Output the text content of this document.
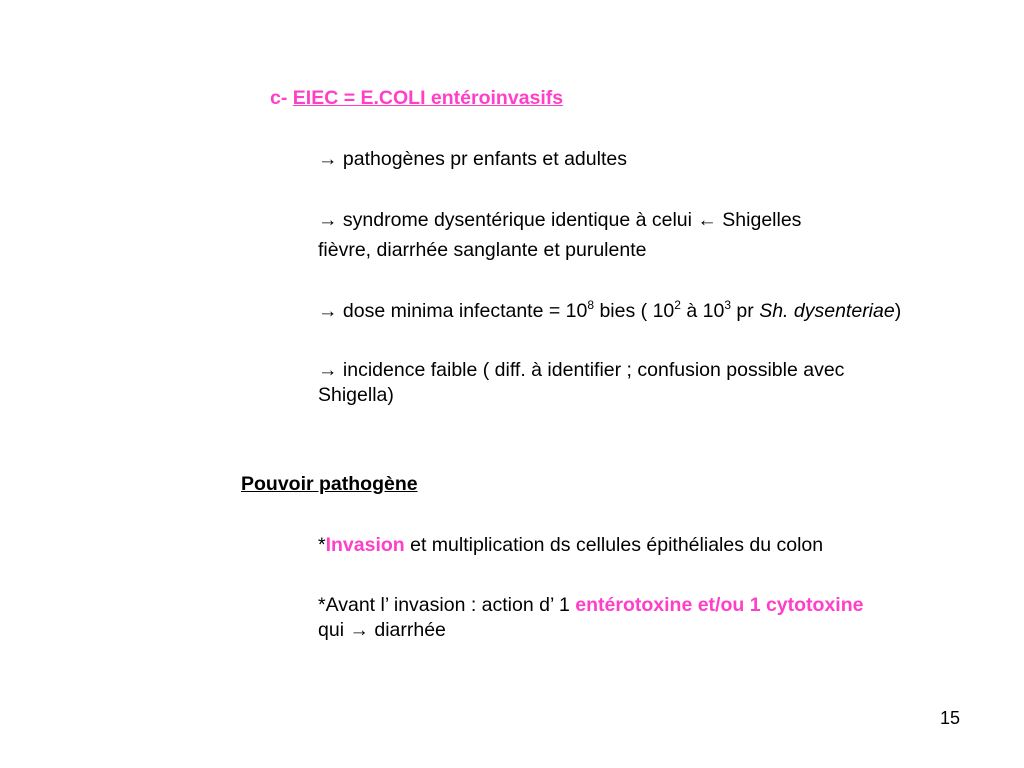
c- EIEC = E.COLI entéroinvasifs
→ pathogènes pr enfants et adultes
→ syndrome dysentérique identique à celui ← Shigelles
fièvre, diarrhée sanglante et purulente
→ dose minima infectante = $10^8$ bies ( $10^2$ à $10^3$ pr Sh. dysenteriae)
→ incidence faible ( diff. à identifier ; confusion possible avec
Shigella)
Pouvoir pathogène
*Invasion et multiplication ds cellules épithéliales du colon
*Avant l’ invasion : action d’ 1 entérotoxine et/ou 1 cytotoxine
qui → diarrhée
15
